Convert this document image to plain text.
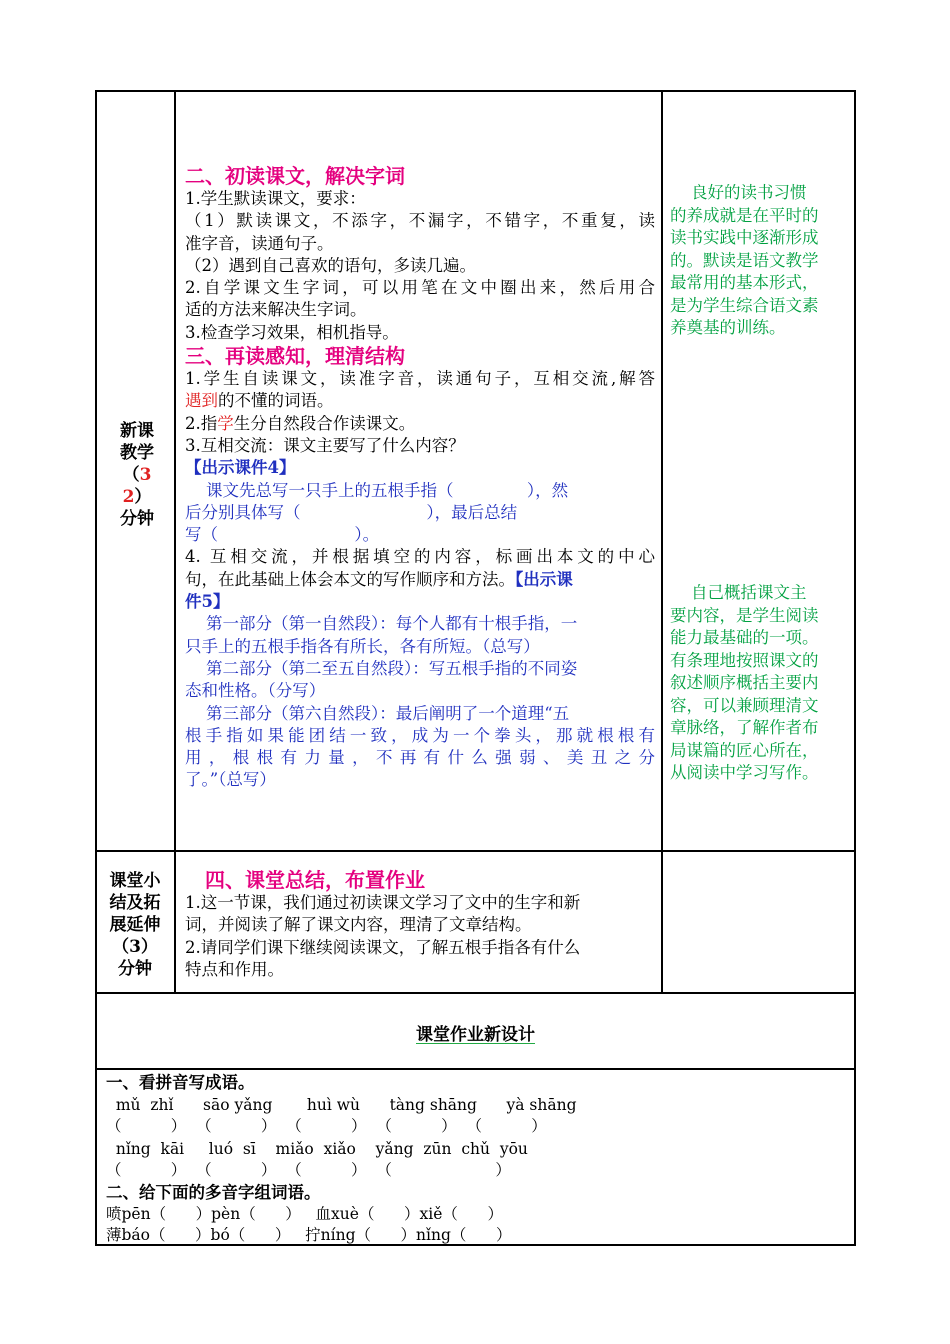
新课教学（3
2）分钟
二、初读课文，解决字词
1.学生默读课文，要求：
（1）默读课文，不添字，不漏字，不错字，不重复，读
准字音，读通句子。
（2）遇到自己喜欢的语句，多读几遍。
2.自学课文生字词，可以用笔在文中圈出来，然后用合
适的方法来解决生字词。
3.检查学习效果，相机指导。
三、再读感知，理清结构
1.学生自读课文，读准字音，读通句子，互相交流,解答
遇到的不懂的词语。
2.指学生分自然段合作读课文。
3.互相交流：课文主要写了什么内容？
【出示课件4】
课文先总写一只手上的五根手指（              ），然
后分别具体写（                        ），最后总结
写（                          ）。
4. 互相交流，并根据填空的内容，标画出本文的中心
句，在此基础上体会本文的写作顺序和方法。【出示课
件5】
第一部分（第一自然段）：每个人都有十根手指，一
只手上的五根手指各有所长，各有所短。（总写）
第二部分（第二至五自然段）：写五根手指的不同姿
态和性格。（分写）
第三部分（第六自然段）：最后阐明了一个道理“五
根手指如果能团结一致，成为一个拳头，那就根根有
用，根根有力量，不再有什么强弱、美丑之分
了。”（总写）
良好的读书习惯
的养成就是在平时的
读书实践中逐渐形成
的。默读是语文教学
最常用的基本形式，
是为学生综合语文素
养奠基的训练。
自己概括课文主
要内容，是学生阅读
能力最基础的一项。
有条理地按照课文的
叙述顺序概括主要内
容，可以兼顾理清文
章脉络，了解作者布
局谋篇的匠心所在，
从阅读中学习写作。
课堂小
结及拓
展延伸
（3）
分钟
四、课堂总结，布置作业
1.这一节课，我们通过初读课文学习了文中的生字和新
词，并阅读了解了课文内容，理清了文章结构。
2.请同学们课下继续阅读课文，了解五根手指各有什么
特点和作用。
课堂作业新设计
一、看拼音写成语。
mǔ  zhǐ      sāo yǎng       huì wù      tàng shāng      yà shāng
（          ）  （          ）  （          ）  （          ）  （          ）
nǐng  kāi     luó  sī    miǎo  xiǎo    yǎng  zūn  chǔ  yōu
（          ）  （          ）  （          ）  （                     ）
二、给下面的多音字组词语。
喷pēn（      ）pèn（      ）   血xuè（      ）xiě（      ）
薄báo（      ）bó（      ）   拧níng（      ）nǐng（      ）
